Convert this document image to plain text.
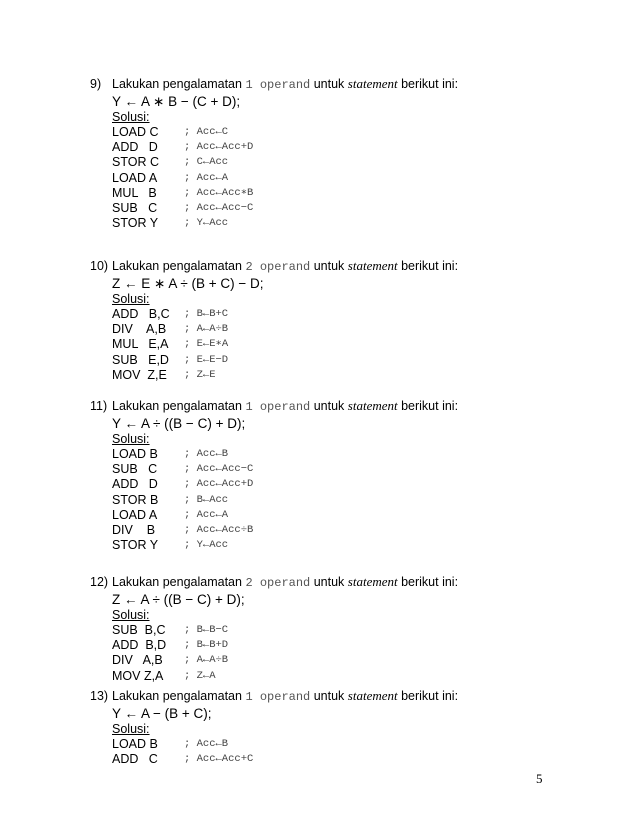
9) Lakukan pengalamatan 1 operand untuk statement berikut ini:
Y ← A ∗ B − (C + D);
Solusi:
LOAD C ; Acc←C
ADD   D ; Acc←Acc+D
STOR C ; C←Acc
LOAD A	; Acc←A
MUL   B	; Acc←Acc∗B
SUB   C	; Acc←Acc−C
STOR Y ; Y←Acc
10) Lakukan pengalamatan 2 operand untuk statement berikut ini:
Z ← E ∗ A ÷ (B + C) − D;
Solusi:
ADD   B,C ; B←B+C
DIV    A,B ; A←A÷B
MUL   E,A ; E←E∗A
SUB   E,D ; E←E−D
MOV  Z,E ; Z←E
11) Lakukan pengalamatan 1 operand untuk statement berikut ini:
Y ← A ÷ ((B − C) + D);
Solusi:
LOAD B ; Acc←B
SUB   C	; Acc←Acc−C
ADD   D ; Acc←Acc+D
STOR B ; B←Acc
LOAD A	; Acc←A
DIV    B	; Acc←Acc÷B
STOR Y ; Y←Acc
12) Lakukan pengalamatan 2 operand untuk statement berikut ini:
Z ← A ÷ ((B − C) + D);
Solusi:
SUB  B,C ; B←B−C
ADD  B,D ; B←B+D
DIV   A,B ; A←A÷B
MOV Z,A ; Z←A
13) Lakukan pengalamatan 1 operand untuk statement berikut ini:
Y ← A − (B + C);
Solusi:
LOAD B ; Acc←B
ADD   C ; Acc←Acc+C
5
